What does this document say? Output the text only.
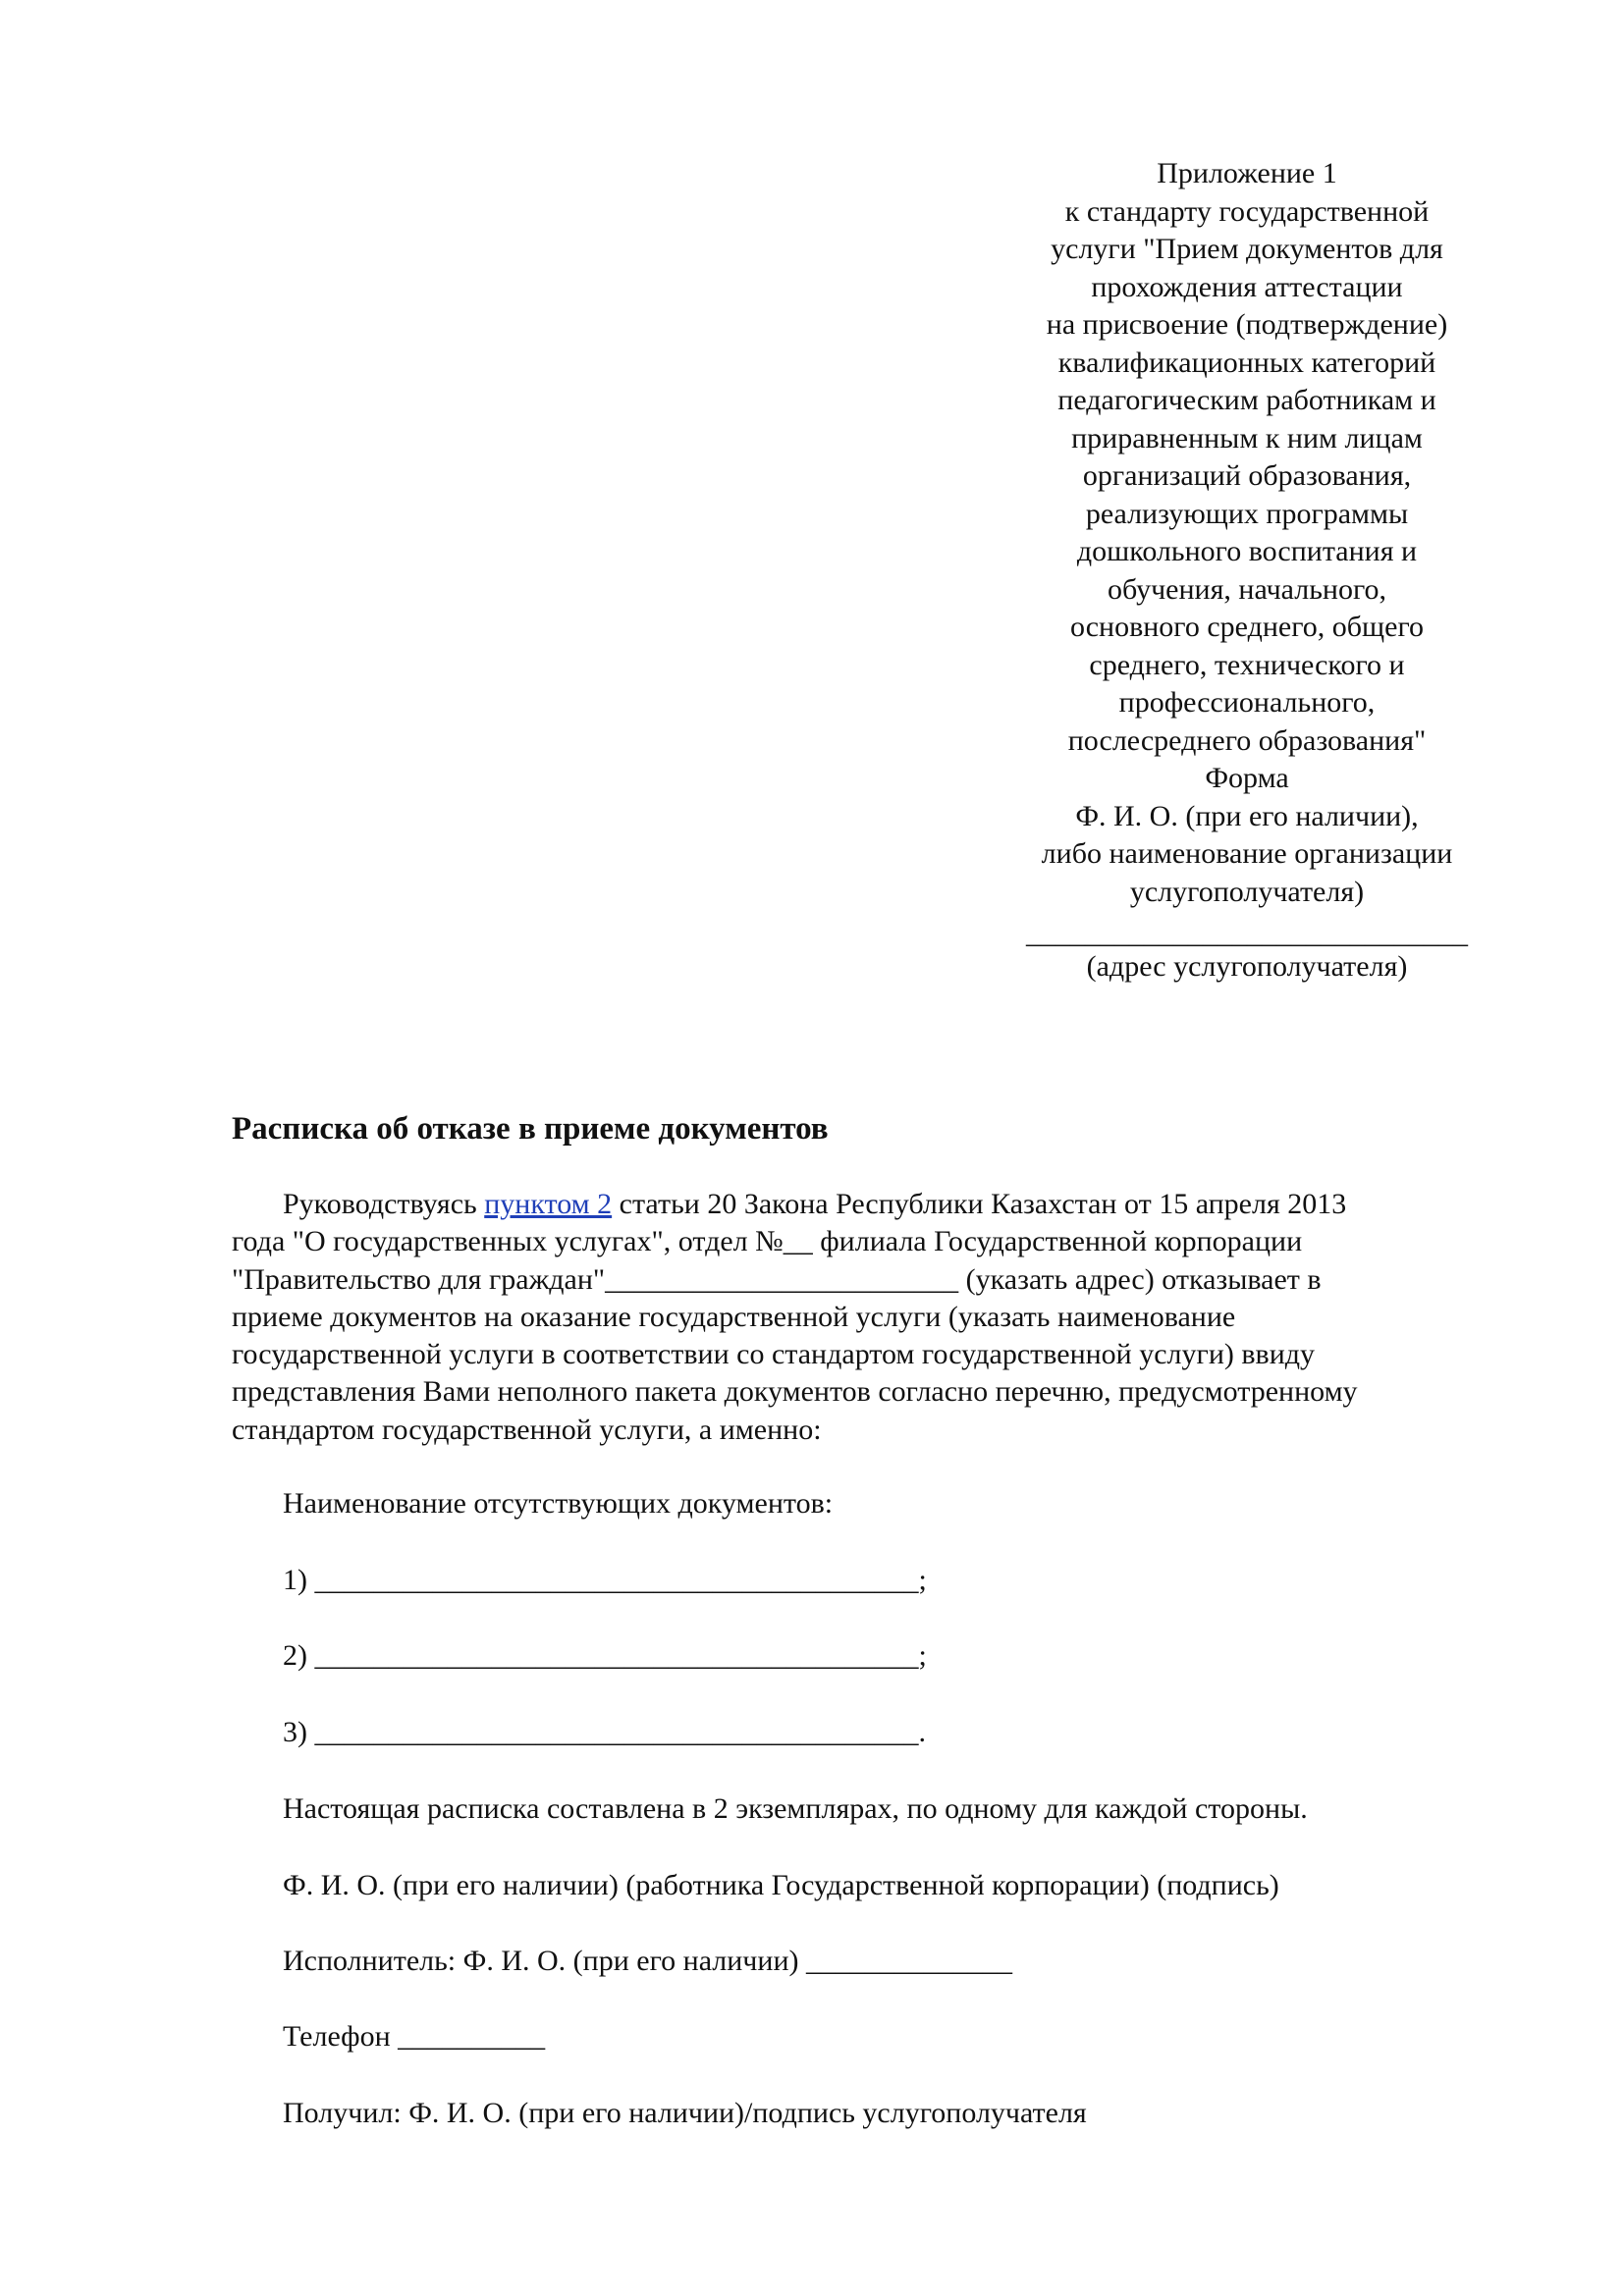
Приложение 1
к стандарту государственной
услуги "Прием документов для
прохождения аттестации
на присвоение (подтверждение)
квалификационных категорий
педагогическим работникам и
приравненным к ним лицам
организаций образования,
реализующих программы
дошкольного воспитания и
обучения, начального,
основного среднего, общего
среднего, технического и
профессионального,
послесреднего образования"
Форма
Ф. И. О. (при его наличии),
либо наименование организации
услугополучателя)
______________________________
(адрес услугополучателя)
Расписка об отказе в приеме документов
Руководствуясь пунктом 2 статьи 20 Закона Республики Казахстан от 15 апреля 2013
года "О государственных услугах", отдел №__ филиала Государственной корпорации
"Правительство для граждан"________________________ (указать адрес) отказывает в
приеме документов на оказание государственной услуги (указать наименование
государственной услуги в соответствии со стандартом государственной услуги) ввиду
представления Вами неполного пакета документов согласно перечню, предусмотренному
стандартом государственной услуги, а именно:
Наименование отсутствующих документов:
1) _________________________________________;
2) _________________________________________;
3) _________________________________________.
Настоящая расписка составлена в 2 экземплярах, по одному для каждой стороны.
Ф. И. О. (при его наличии) (работника Государственной корпорации) (подпись)
Исполнитель: Ф. И. О. (при его наличии) ______________
Телефон __________
Получил: Ф. И. О. (при его наличии)/подпись услугополучателя
